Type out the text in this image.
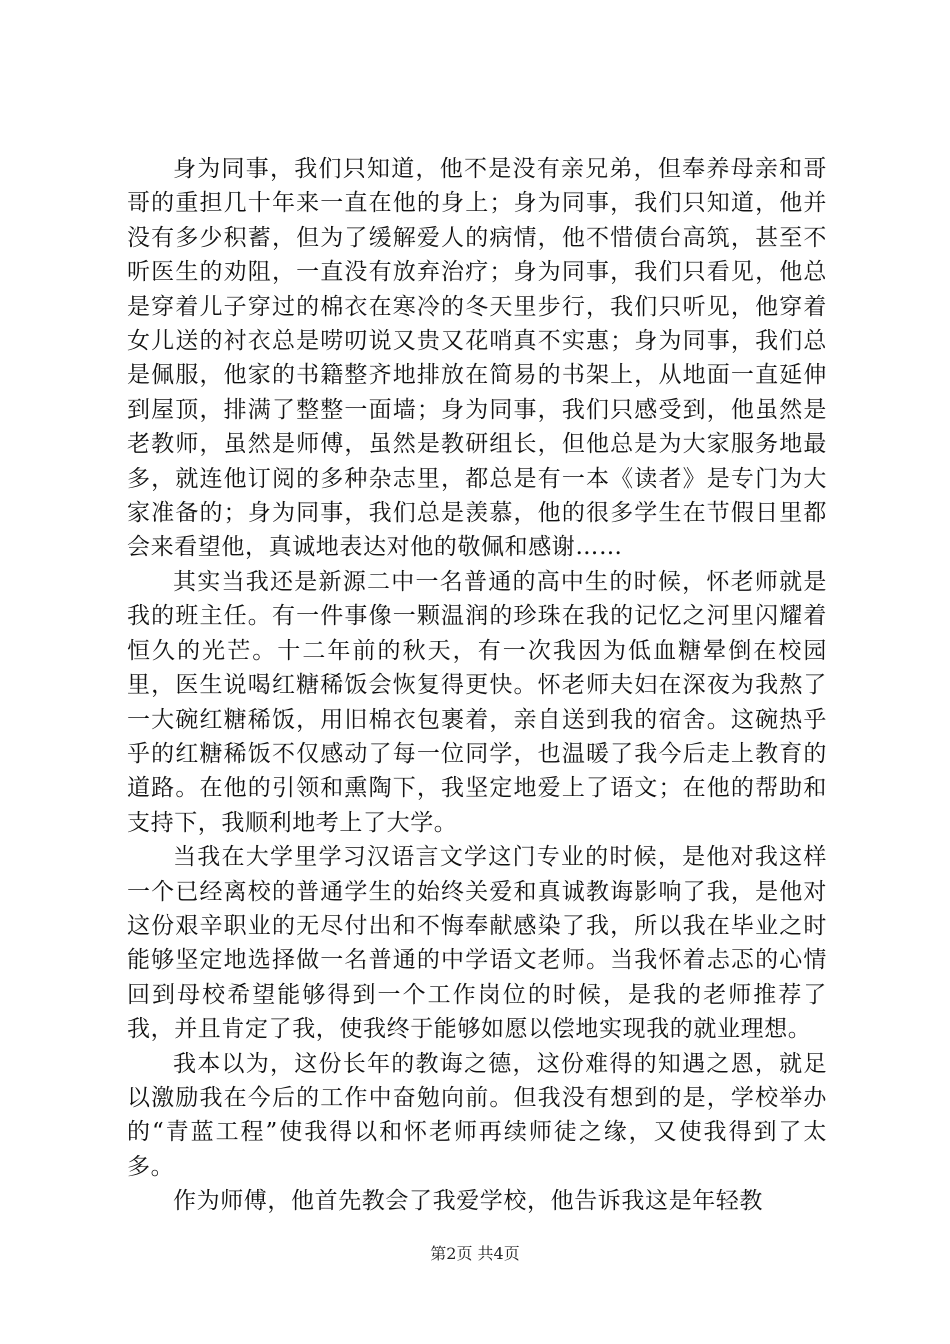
身为同事，我们只知道，他不是没有亲兄弟，但奉养母亲和哥哥的重担几十年来一直在他的身上；身为同事，我们只知道，他并没有多少积蓄，但为了缓解爱人的病情，他不惜债台高筑，甚至不听医生的劝阻，一直没有放弃治疗；身为同事，我们只看见，他总是穿着儿子穿过的棉衣在寒冷的冬天里步行，我们只听见，他穿着女儿送的衬衣总是唠叨说又贵又花哨真不实惠；身为同事，我们总是佩服，他家的书籍整齐地排放在简易的书架上，从地面一直延伸到屋顶，排满了整整一面墙；身为同事，我们只感受到，他虽然是老教师，虽然是师傅，虽然是教研组长，但他总是为大家服务地最多，就连他订阅的多种杂志里，都总是有一本《读者》是专门为大家准备的；身为同事，我们总是羡慕，他的很多学生在节假日里都会来看望他，真诚地表达对他的敬佩和感谢……

其实当我还是新源二中一名普通的高中生的时候，怀老师就是我的班主任。有一件事像一颗温润的珍珠在我的记忆之河里闪耀着恒久的光芒。十二年前的秋天，有一次我因为低血糖晕倒在校园里，医生说喝红糖稀饭会恢复得更快。怀老师夫妇在深夜为我熬了一大碗红糖稀饭，用旧棉衣包裹着，亲自送到我的宿舍。这碗热乎乎的红糖稀饭不仅感动了每一位同学，也温暖了我今后走上教育的道路。在他的引领和熏陶下，我坚定地爱上了语文；在他的帮助和支持下，我顺利地考上了大学。

当我在大学里学习汉语言文学这门专业的时候，是他对我这样一个已经离校的普通学生的始终关爱和真诚教诲影响了我，是他对这份艰辛职业的无尽付出和不悔奉献感染了我，所以我在毕业之时能够坚定地选择做一名普通的中学语文老师。当我怀着忐忑的心情回到母校希望能够得到一个工作岗位的时候，是我的老师推荐了我，并且肯定了我，使我终于能够如愿以偿地实现我的就业理想。

我本以为，这份长年的教诲之德，这份难得的知遇之恩，就足以激励我在今后的工作中奋勉向前。但我没有想到的是，学校举办的“青蓝工程”使我得以和怀老师再续师徒之缘，又使我得到了太多。

作为师傅，他首先教会了我爱学校，他告诉我这是年轻教

第2页 共4页
